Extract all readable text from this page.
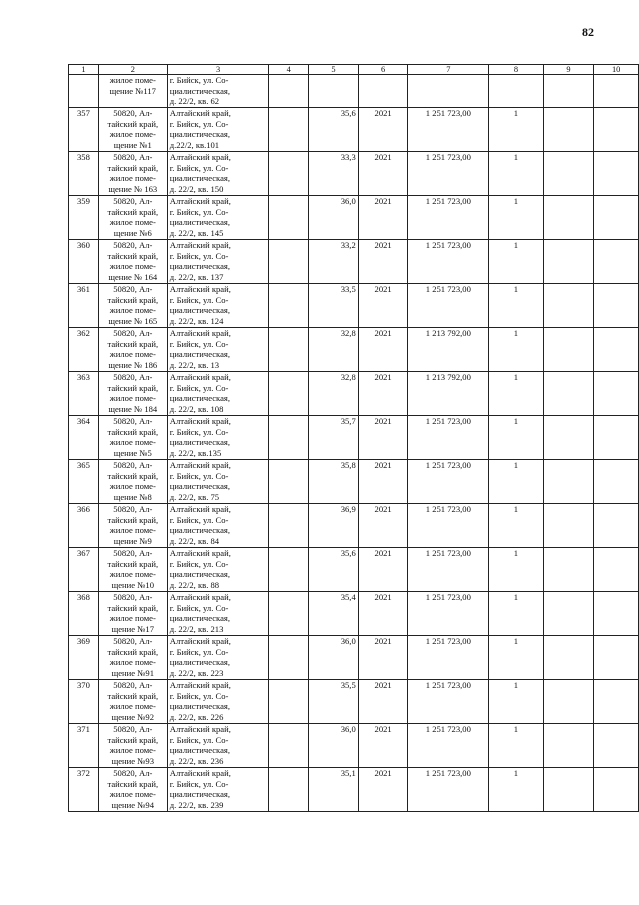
82
1	2	3	4	5	6	7	8	9	10

	жилое поме-
щение №117	г. Бийск, ул. Со-
циалистическая,
д. 22/2, кв. 62							

357	50820, Ал-
тайский край,
жилое поме-
щение №1	Алтайский край,
г. Бийск, ул. Со-
циалистическая,
д.22/2, кв.101		35,6	2021	1 251 723,00	1		
358	50820, Ал-
тайский край,
жилое поме-
щение № 163	Алтайский край,
г. Бийск, ул. Со-
циалистическая,
д. 22/2, кв. 150		33,3	2021	1 251 723,00	1		
359	50820, Ал-
тайский край,
жилое поме-
щение №6	Алтайский край,
г. Бийск, ул. Со-
циалистическая,
д. 22/2, кв. 145		36,0	2021	1 251 723,00	1		
360	50820, Ал-
тайский край,
жилое поме-
щение № 164	Алтайский край,
г. Бийск, ул. Со-
циалистическая,
д. 22/2, кв. 137		33,2	2021	1 251 723,00	1		
361	50820, Ал-
тайский край,
жилое поме-
щение № 165	Алтайский край,
г. Бийск, ул. Со-
циалистическая,
д. 22/2, кв. 124		33,5	2021	1 251 723,00	1		
362	50820, Ал-
тайский край,
жилое поме-
щение № 186	Алтайский край,
г. Бийск, ул. Со-
циалистическая,
д. 22/2, кв. 13		32,8	2021	1 213 792,00	1		
363	50820, Ал-
тайский край,
жилое поме-
щение № 184	Алтайский край,
г. Бийск, ул. Со-
циалистическая,
д. 22/2, кв. 108		32,8	2021	1 213 792,00	1		
364	50820, Ал-
тайский край,
жилое поме-
щение №5	Алтайский край,
г. Бийск, ул. Со-
циалистическая,
д. 22/2, кв.135		35,7	2021	1 251 723,00	1		
365	50820, Ал-
тайский край,
жилое поме-
щение №8	Алтайский край,
г. Бийск, ул. Со-
циалистическая,
д. 22/2, кв. 75		35,8	2021	1 251 723,00	1		
366	50820, Ал-
тайский край,
жилое поме-
щение №9	Алтайский край,
г. Бийск, ул. Со-
циалистическая,
д. 22/2, кв. 84		36,9	2021	1 251 723,00	1		
367	50820, Ал-
тайский край,
жилое поме-
щение №10	Алтайский край,
г. Бийск, ул. Со-
циалистическая,
д. 22/2, кв. 88		35,6	2021	1 251 723,00	1		
368	50820, Ал-
тайский край,
жилое поме-
щение №17	Алтайский край,
г. Бийск, ул. Со-
циалистическая,
д. 22/2, кв. 213		35,4	2021	1 251 723,00	1		
369	50820, Ал-
тайский край,
жилое поме-
щение №91	Алтайский край,
г. Бийск, ул. Со-
циалистическая,
д. 22/2, кв. 223		36,0	2021	1 251 723,00	1		
370	50820, Ал-
тайский край,
жилое поме-
щение №92	Алтайский край,
г. Бийск, ул. Со-
циалистическая,
д. 22/2, кв. 226		35,5	2021	1 251 723,00	1		
371	50820, Ал-
тайский край,
жилое поме-
щение №93	Алтайский край,
г. Бийск, ул. Со-
циалистическая,
д. 22/2, кв. 236		36,0	2021	1 251 723,00	1		
372	50820, Ал-
тайский край,
жилое поме-
щение №94	Алтайский край,
г. Бийск, ул. Со-
циалистическая,
д. 22/2, кв. 239		35,1	2021	1 251 723,00	1		
